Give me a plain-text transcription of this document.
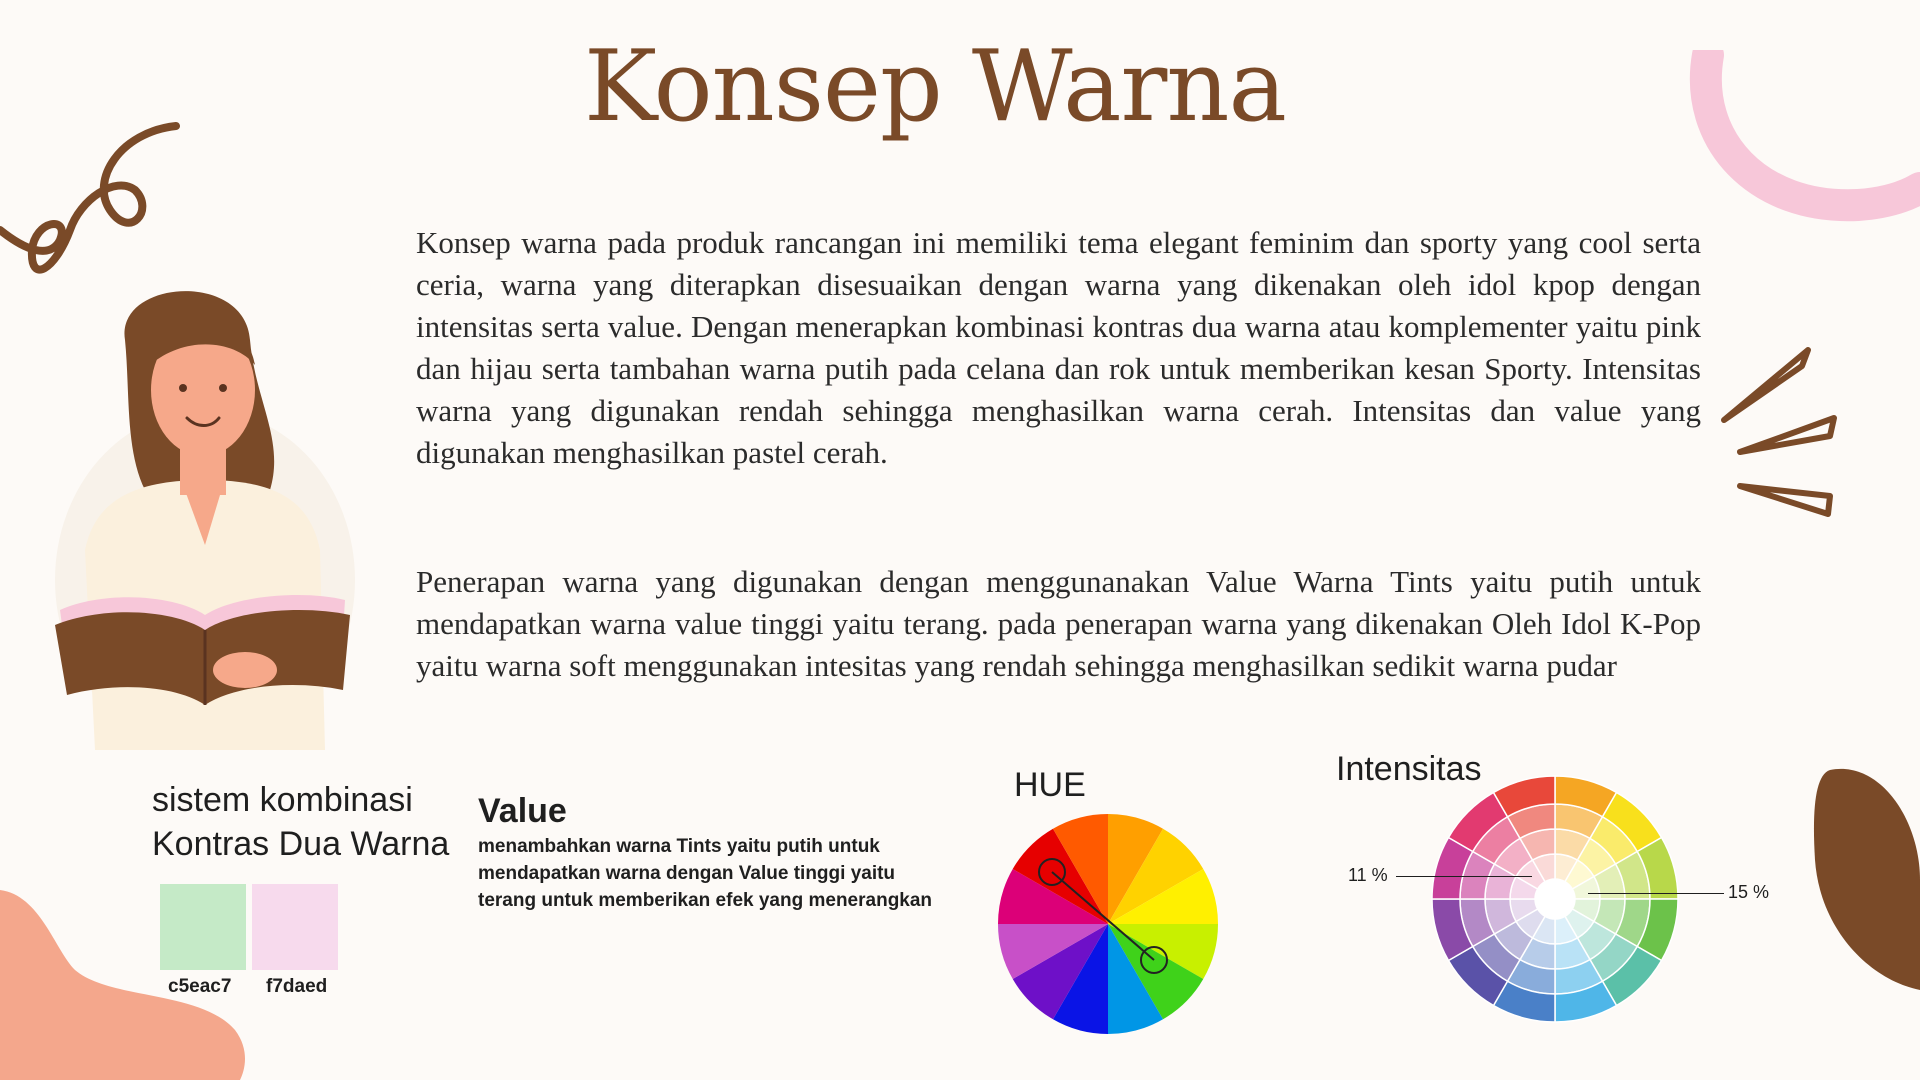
Konsep Warna

Konsep warna pada produk rancangan ini memiliki tema elegant feminim dan sporty yang cool serta ceria, warna yang diterapkan disesuaikan dengan warna yang dikenakan oleh idol kpop dengan intensitas serta value. Dengan menerapkan kombinasi kontras dua warna atau komplementer yaitu pink dan hijau serta tambahan warna putih pada celana dan rok untuk memberikan kesan Sporty. Intensitas warna yang digunakan rendah sehingga menghasilkan warna cerah. Intensitas dan value yang digunakan menghasilkan pastel cerah.

Penerapan warna yang digunakan dengan menggunanakan Value Warna Tints yaitu putih untuk mendapatkan warna value tinggi yaitu terang. pada penerapan warna yang dikenakan Oleh Idol K-Pop yaitu warna soft menggunakan intesitas yang rendah sehingga menghasilkan sedikit warna pudar

sistem kombinasi
Kontras Dua Warna
c5eac7 f7daed
Value
menambahkan warna Tints yaitu putih untuk
mendapatkan warna dengan Value tinggi yaitu
terang untuk memberikan efek yang menerangkan
HUE	Intensitas
11 %
15 %
